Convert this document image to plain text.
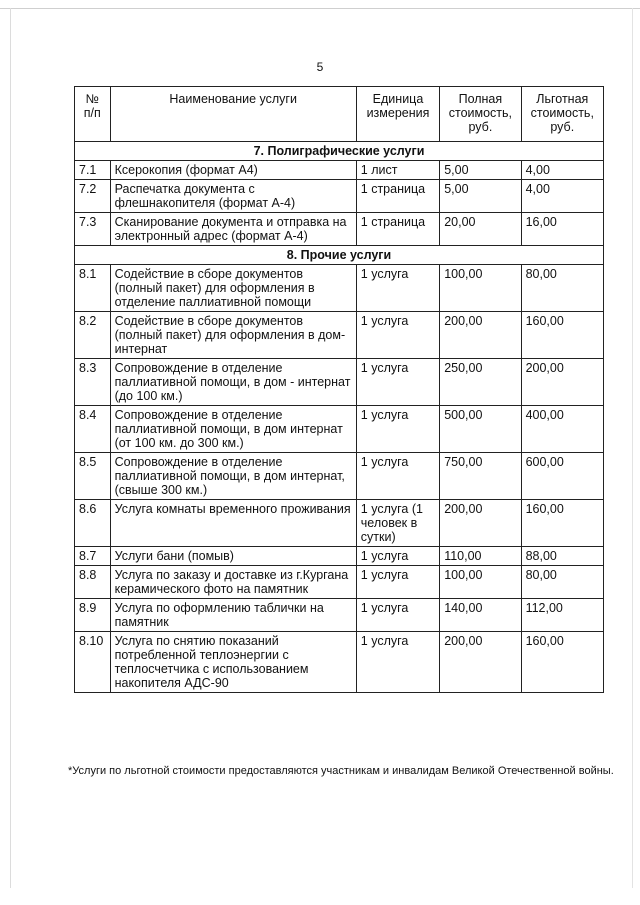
5
№ п/п	Наименование услуги	Единица измерения	Полная стоимость, руб.	Льготная стоимость, руб.
7. Полиграфические услуги				
7.1	Ксерокопия (формат А4)	1 лист	5,00	4,00
7.2	Распечатка документа с флешнакопителя (формат А-4)	1 страница	5,00	4,00
7.3	Сканирование документа и отправка на электронный адрес (формат А-4)	1 страница	20,00	16,00
8. Прочие услуги				
8.1	Содействие в сборе документов (полный пакет) для оформления в отделение паллиативной помощи	1 услуга	100,00	80,00
8.2	Содействие в сборе документов (полный пакет) для оформления в дом-интернат	1 услуга	200,00	160,00
8.3	Сопровождение в отделение паллиативной помощи, в дом - интернат (до 100 км.)	1 услуга	250,00	200,00
8.4	Сопровождение в отделение паллиативной помощи, в дом интернат (от 100 км. до 300 км.)	1 услуга	500,00	400,00
8.5	Сопровождение в отделение паллиативной помощи, в дом интернат, (свыше 300 км.)	1 услуга	750,00	600,00
8.6	Услуга комнаты временного проживания	1 услуга (1 человек в сутки)	200,00	160,00
8.7	Услуги бани (помыв)	1 услуга	110,00	88,00
8.8	Услуга по заказу и доставке из г.Кургана керамического фото на памятник	1 услуга	100,00	80,00
8.9	Услуга по оформлению таблички на памятник	1 услуга	140,00	112,00
8.10	Услуга по снятию показаний потребленной теплоэнергии с теплосчетчика с использованием накопителя АДС-90	1 услуга	200,00	160,00
*Услуги по льготной стоимости предоставляются участникам и инвалидам Великой Отечественной войны.
